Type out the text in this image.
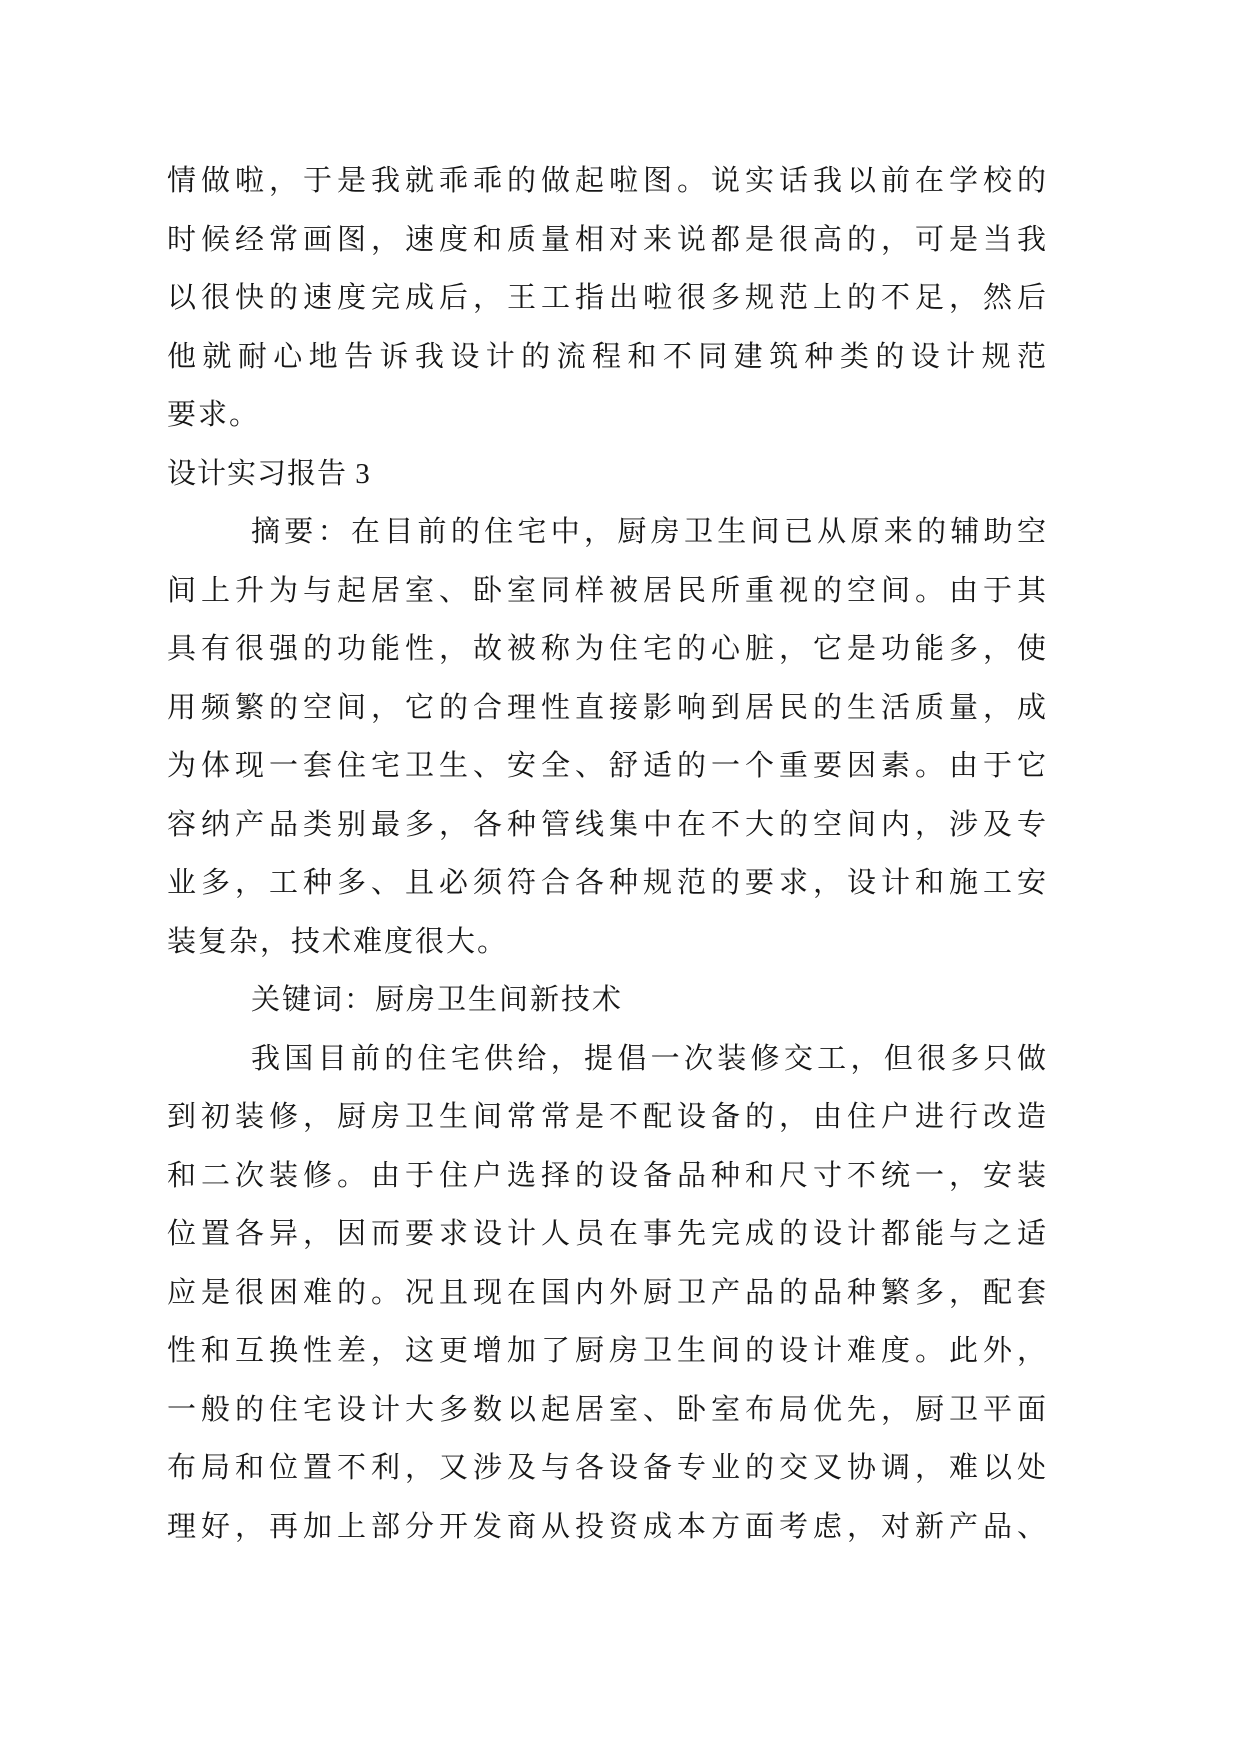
情做啦，于是我就乖乖的做起啦图。说实话我以前在学校的
时候经常画图，速度和质量相对来说都是很高的，可是当我
以很快的速度完成后，王工指出啦很多规范上的不足，然后
他就耐心地告诉我设计的流程和不同建筑种类的设计规范
要求。
设计实习报告 3
摘要：在目前的住宅中，厨房卫生间已从原来的辅助空
间上升为与起居室、卧室同样被居民所重视的空间。由于其
具有很强的功能性，故被称为住宅的心脏，它是功能多，使
用频繁的空间，它的合理性直接影响到居民的生活质量，成
为体现一套住宅卫生、安全、舒适的一个重要因素。由于它
容纳产品类别最多，各种管线集中在不大的空间内，涉及专
业多，工种多、且必须符合各种规范的要求，设计和施工安
装复杂，技术难度很大。
关键词：厨房卫生间新技术
我国目前的住宅供给，提倡一次装修交工，但很多只做
到初装修，厨房卫生间常常是不配设备的，由住户进行改造
和二次装修。由于住户选择的设备品种和尺寸不统一，安装
位置各异，因而要求设计人员在事先完成的设计都能与之适
应是很困难的。况且现在国内外厨卫产品的品种繁多，配套
性和互换性差，这更增加了厨房卫生间的设计难度。此外，
一般的住宅设计大多数以起居室、卧室布局优先，厨卫平面
布局和位置不利，又涉及与各设备专业的交叉协调，难以处
理好，再加上部分开发商从投资成本方面考虑，对新产品、
